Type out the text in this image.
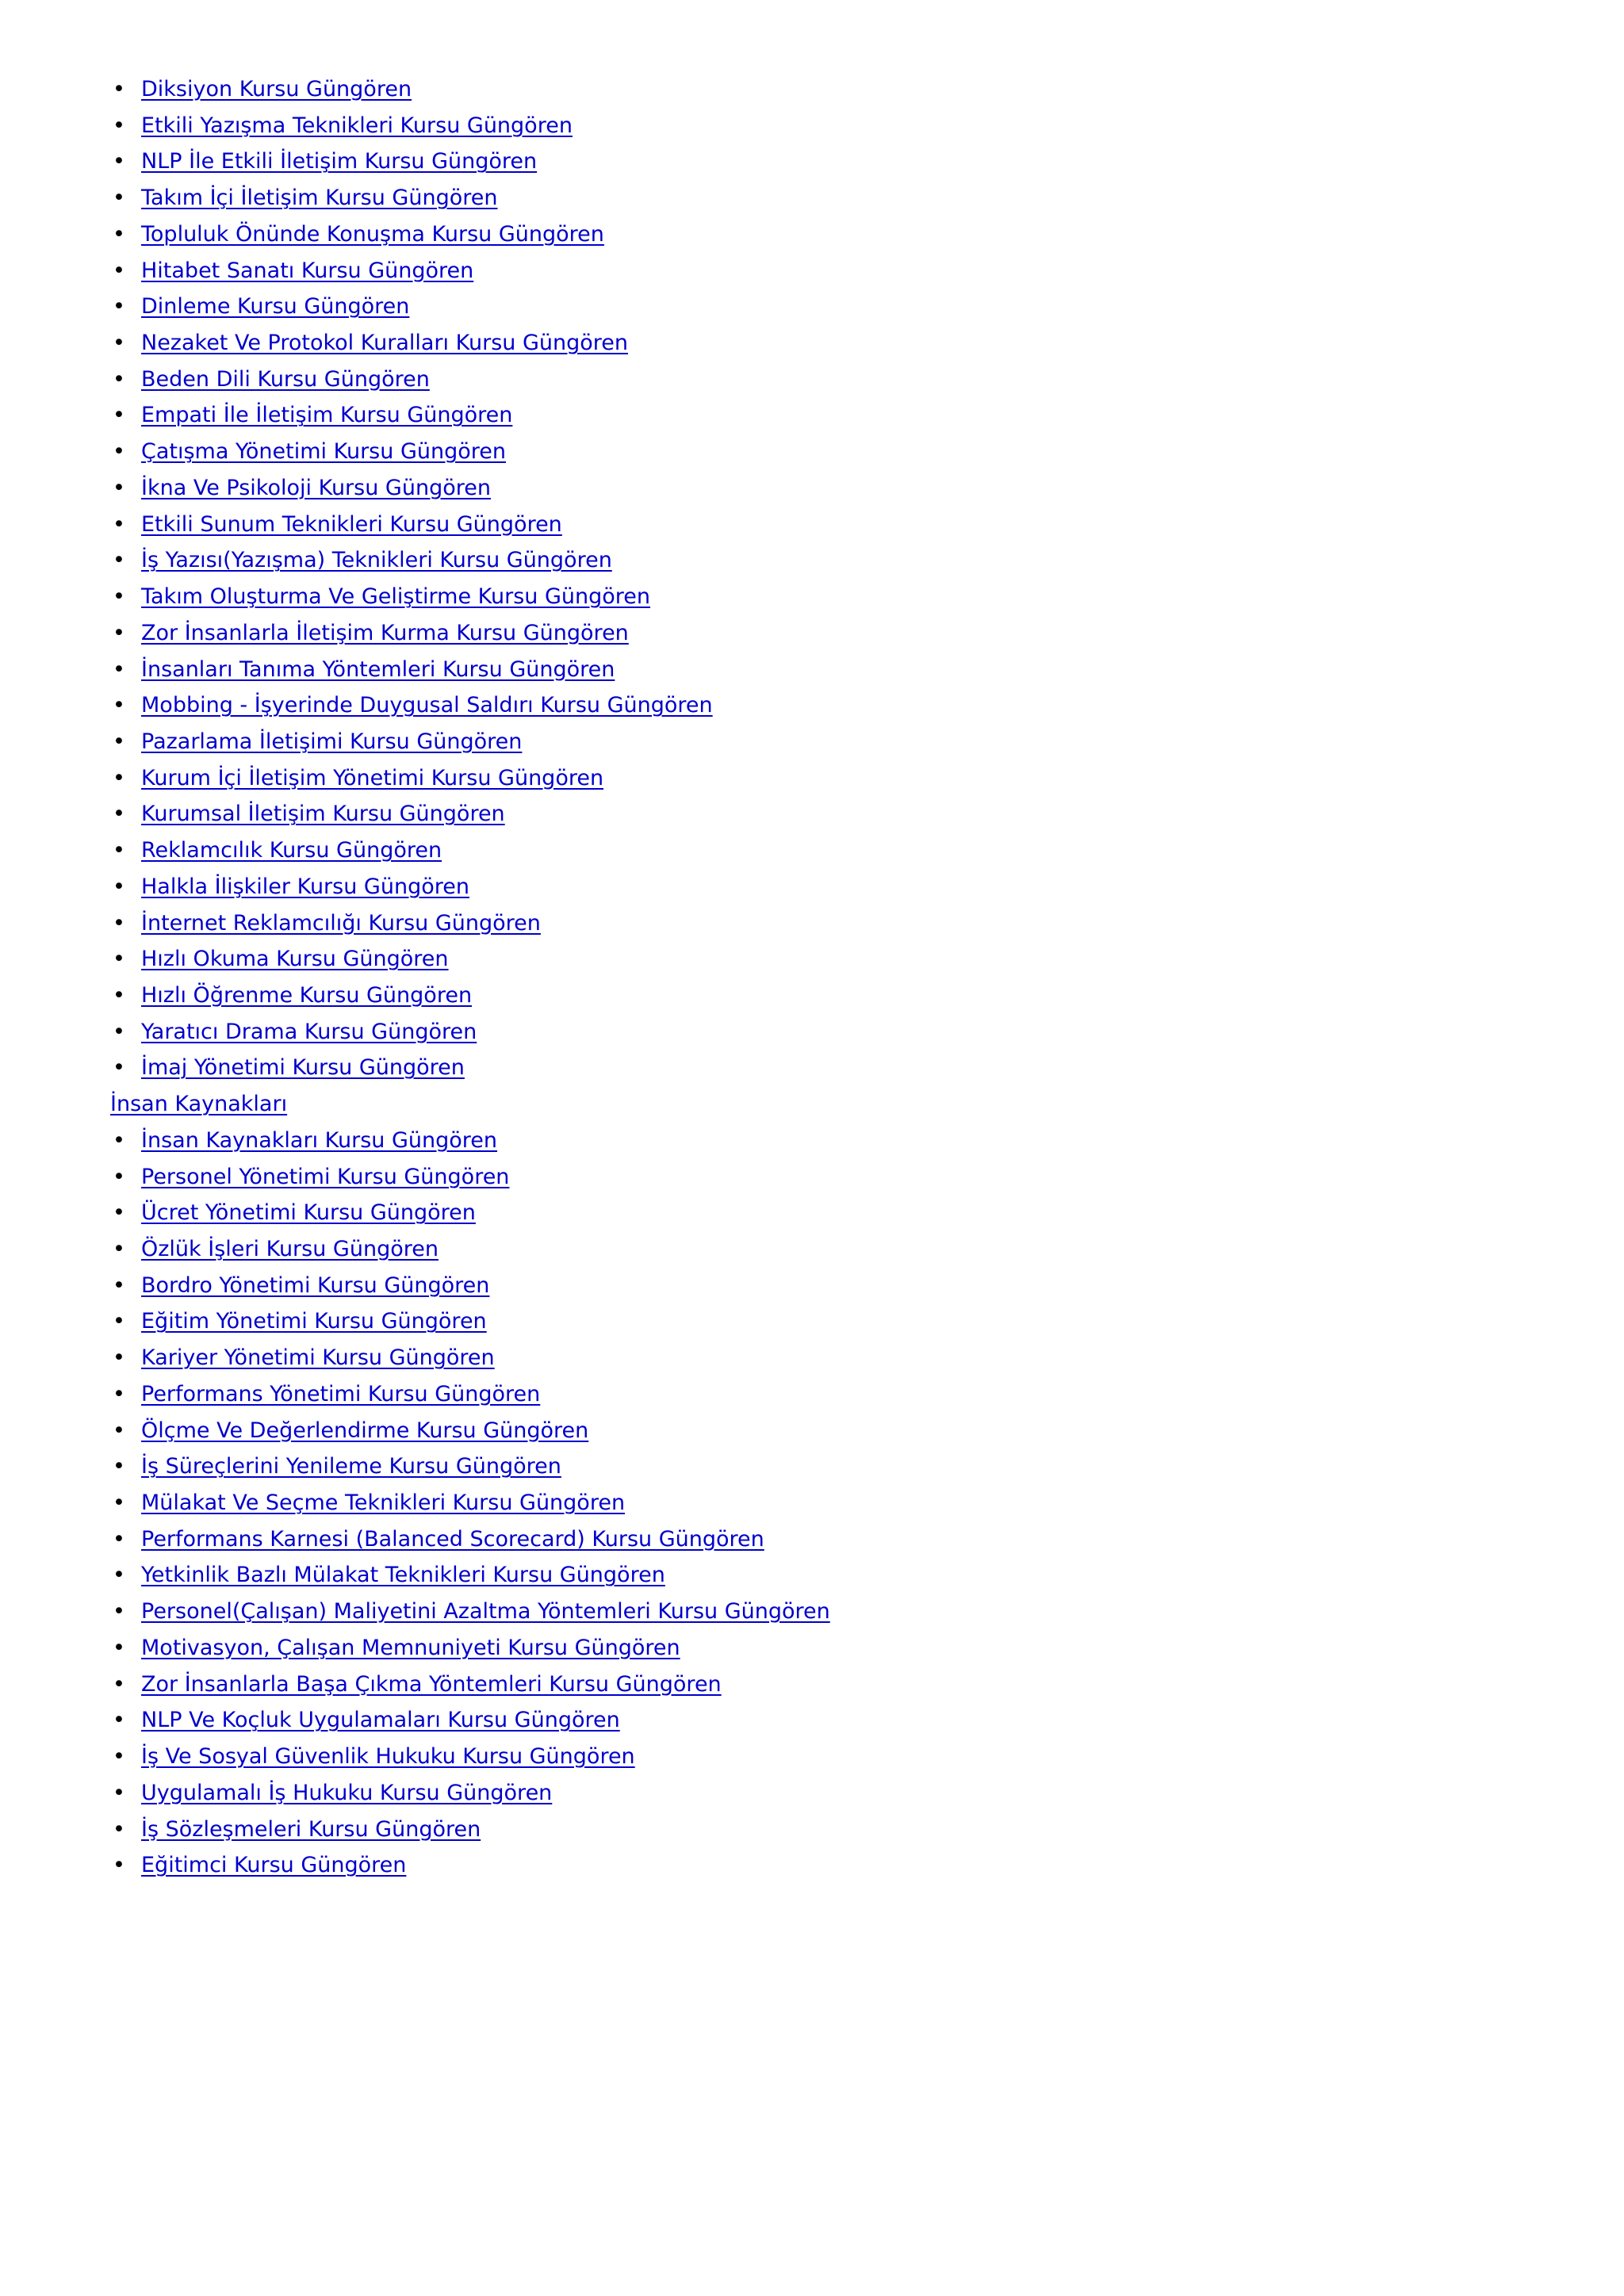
• Diksiyon Kursu Güngören
• Etkili Yazışma Teknikleri Kursu Güngören
• NLP İle Etkili İletişim Kursu Güngören
• Takım İçi İletişim Kursu Güngören
• Topluluk Önünde Konuşma Kursu Güngören
• Hitabet Sanatı Kursu Güngören
• Dinleme Kursu Güngören
• Nezaket Ve Protokol Kuralları Kursu Güngören
• Beden Dili Kursu Güngören
• Empati İle İletişim Kursu Güngören
• Çatışma Yönetimi Kursu Güngören
• İkna Ve Psikoloji Kursu Güngören
• Etkili Sunum Teknikleri Kursu Güngören
• İş Yazısı(Yazışma) Teknikleri Kursu Güngören
• Takım Oluşturma Ve Geliştirme Kursu Güngören
• Zor İnsanlarla İletişim Kurma Kursu Güngören
• İnsanları Tanıma Yöntemleri Kursu Güngören
• Mobbing - İşyerinde Duygusal Saldırı Kursu Güngören
• Pazarlama İletişimi Kursu Güngören
• Kurum İçi İletişim Yönetimi Kursu Güngören
• Kurumsal İletişim Kursu Güngören
• Reklamcılık Kursu Güngören
• Halkla İlişkiler Kursu Güngören
• İnternet Reklamcılığı Kursu Güngören
• Hızlı Okuma Kursu Güngören
• Hızlı Öğrenme Kursu Güngören
• Yaratıcı Drama Kursu Güngören
• İmaj Yönetimi Kursu Güngören
İnsan Kaynakları
• İnsan Kaynakları Kursu Güngören
• Personel Yönetimi Kursu Güngören
• Ücret Yönetimi Kursu Güngören
• Özlük İşleri Kursu Güngören
• Bordro Yönetimi Kursu Güngören
• Eğitim Yönetimi Kursu Güngören
• Kariyer Yönetimi Kursu Güngören
• Performans Yönetimi Kursu Güngören
• Ölçme Ve Değerlendirme Kursu Güngören
• İş Süreçlerini Yenileme Kursu Güngören
• Mülakat Ve Seçme Teknikleri Kursu Güngören
• Performans Karnesi (Balanced Scorecard) Kursu Güngören
• Yetkinlik Bazlı Mülakat Teknikleri Kursu Güngören
• Personel(Çalışan) Maliyetini Azaltma Yöntemleri Kursu Güngören
• Motivasyon, Çalışan Memnuniyeti Kursu Güngören
• Zor İnsanlarla Başa Çıkma Yöntemleri Kursu Güngören
• NLP Ve Koçluk Uygulamaları Kursu Güngören
• İş Ve Sosyal Güvenlik Hukuku Kursu Güngören
• Uygulamalı İş Hukuku Kursu Güngören
• İş Sözleşmeleri Kursu Güngören
• Eğitimci Kursu Güngören
